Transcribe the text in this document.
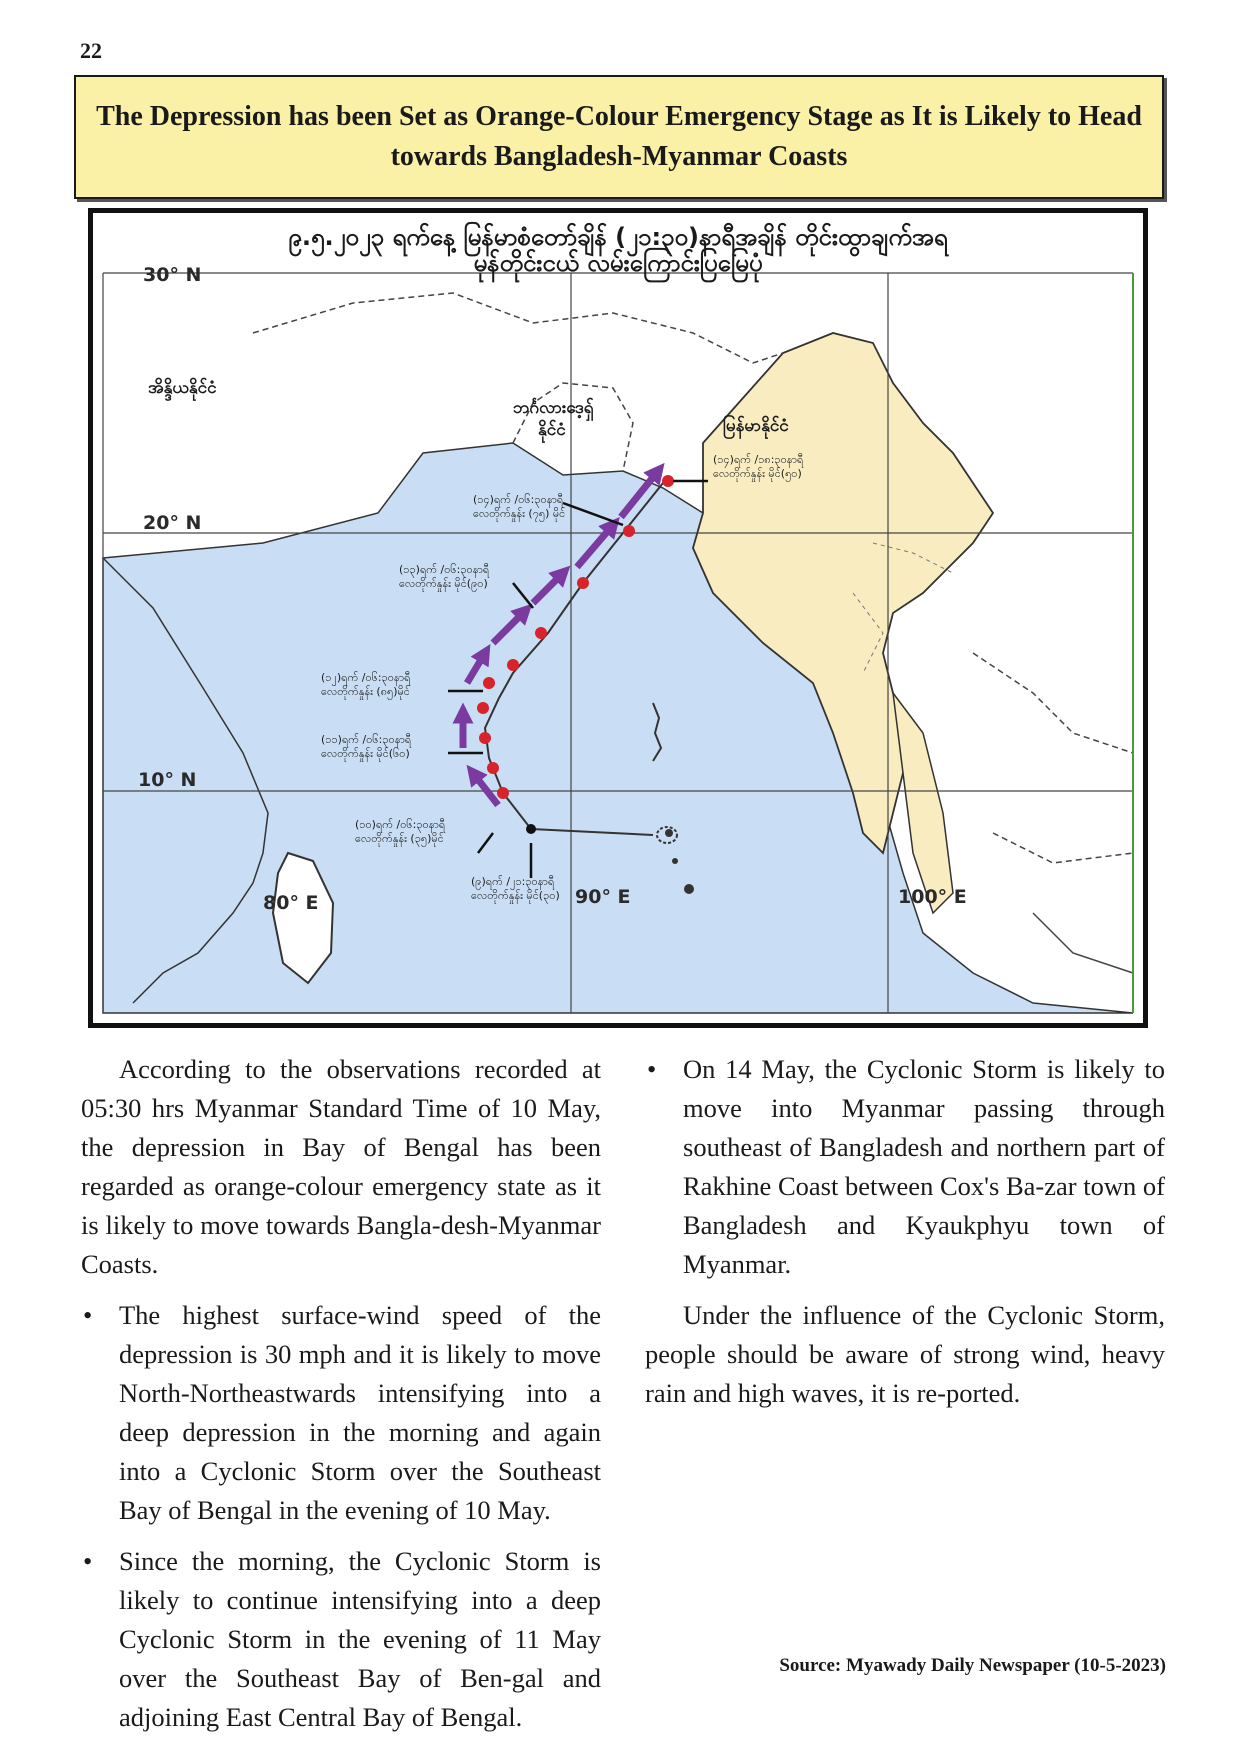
22
The Depression has been Set as Orange-Colour Emergency Stage as It is Likely to Head towards Bangladesh-Myanmar Coasts
30° N
20° N
10° N
80° E	90° E	100° E
၉.၅.၂၀၂၃ ရက်နေ့ မြန်မာစံတော်ချိန် (၂၁:၃၀)နာရီအချိန် တိုင်းထွာချက်အရ
မုန်တိုင်းငယ် လမ်းကြောင်းပြမြေပုံ
အိန္ဒိယနိုင်ငံ
ဘင်္ဂလားဒေ့ရှ်
နိုင်ငံ	မြန်မာနိုင်ငံ
(၁၄)ရက် /၁၈:၃၀နာရီ
လေတိုက်နှုန်း မိုင်(၅၀)
(၁၄)ရက် /၀၆:၃၀နာရီ
လေတိုက်နှုန်း (၇၅) မိုင်
(၁၃)ရက် /၀၆:၃၀နာရီ
လေတိုက်နှုန်း မိုင်(၉၀)
(၁၂)ရက် /၀၆:၃၀နာရီ
လေတိုက်နှုန်း (၈၅)မိုင်
(၁၁)ရက် /၀၆:၃၀နာရီ
လေတိုက်နှုန်း မိုင်(၆၀)
(၁၀)ရက် /၀၆:၃၀နာရီ
လေတိုက်နှုန်း (၃၅)မိုင်
(၉)ရက် /၂၁:၃၀နာရီ
လေတိုက်နှုန်း မိုင်(၃၀)

According to the observations recorded at 05:30 hrs Myanmar Standard Time of 10 May, the depression in Bay of Bengal has been regarded as orange-colour emergency state as it is likely to move towards Bangla-desh-Myanmar Coasts.

• The highest surface-wind speed of the depression is 30 mph and it is likely to move North-Northeastwards intensifying into a deep depression in the morning and again into a Cyclonic Storm over the Southeast Bay of Bengal in the evening of 10 May.
• Since the morning, the Cyclonic Storm is likely to continue intensifying into a deep Cyclonic Storm in the evening of 11 May over the Southeast Bay of Ben-gal and adjoining East Central Bay of Bengal.
• On 14 May, the Cyclonic Storm is likely to move into Myanmar passing through southeast of Bangladesh and northern part of Rakhine Coast between Cox's Ba-zar town of Bangladesh and Kyaukphyu town of Myanmar.

Under the influence of the Cyclonic Storm, people should be aware of strong wind, heavy rain and high waves, it is re-ported.

Source: Myawady Daily Newspaper (10-5-2023)
